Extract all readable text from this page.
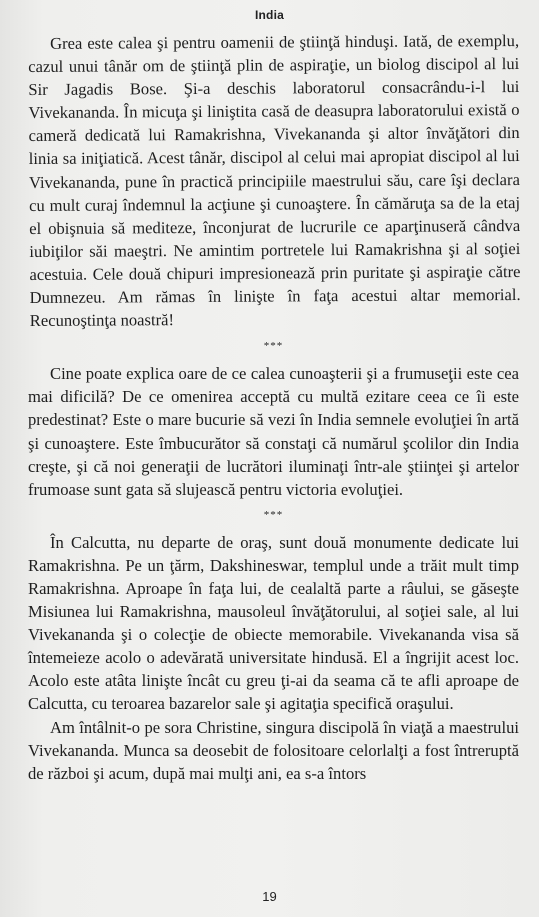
India

Grea este calea şi pentru oamenii de ştiinţă hinduşi. Iată, de exemplu, cazul unui tânăr om de ştiinţă plin de aspiraţie, un biolog discipol al lui Sir Jagadis Bose. Şi-a deschis laboratorul consacrându-i-l lui Vivekananda. În micuţa şi liniştita casă de deasupra laboratorului există o cameră dedicată lui Ramakrishna, Vivekananda şi altor învăţători din linia sa iniţiatică. Acest tânăr, discipol al celui mai apropiat discipol al lui Vivekananda, pune în practică principiile maestrului său, care îşi declara cu mult curaj îndemnul la acţiune şi cunoaştere. În cămăruţa sa de la etaj el obişnuia să mediteze, înconjurat de lucrurile ce aparţinuseră cândva iubiţilor săi maeştri. Ne amintim portretele lui Ramakrishna şi al soţiei acestuia. Cele două chipuri impresionează prin puritate şi aspiraţie către Dumnezeu. Am rămas în linişte în faţa acestui altar memorial. Recunoştinţa noastră!

***

Cine poate explica oare de ce calea cunoaşterii şi a frumuseţii este cea mai dificilă? De ce omenirea acceptă cu multă ezitare ceea ce îi este predestinat? Este o mare bucurie să vezi în India semnele evoluţiei în artă şi cunoaştere. Este îmbucurător să constaţi că numărul şcolilor din India creşte, şi că noi generaţii de lucrători iluminaţi într-ale ştiinţei şi artelor frumoase sunt gata să slujească pentru victoria evoluţiei.

***

În Calcutta, nu departe de oraş, sunt două monumente dedicate lui Ramakrishna. Pe un ţărm, Dakshineswar, templul unde a trăit mult timp Ramakrishna. Aproape în faţa lui, de cealaltă parte a râului, se găseşte Misiunea lui Ramakrishna, mausoleul învăţătorului, al soţiei sale, al lui Vivekananda şi o colecţie de obiecte memorabile. Vivekananda visa să întemeieze acolo o adevărată universitate hindusă. El a îngrijit acest loc. Acolo este atâta linişte încât cu greu ţi-ai da seama că te afli aproape de Calcutta, cu teroarea bazarelor sale şi agitaţia specifică oraşului.

Am întâlnit-o pe sora Christine, singura discipolă în viaţă a maestrului Vivekananda. Munca sa deosebit de folositoare celorlalţi a fost întreruptă de război şi acum, după mai mulţi ani, ea s-a întors

19
